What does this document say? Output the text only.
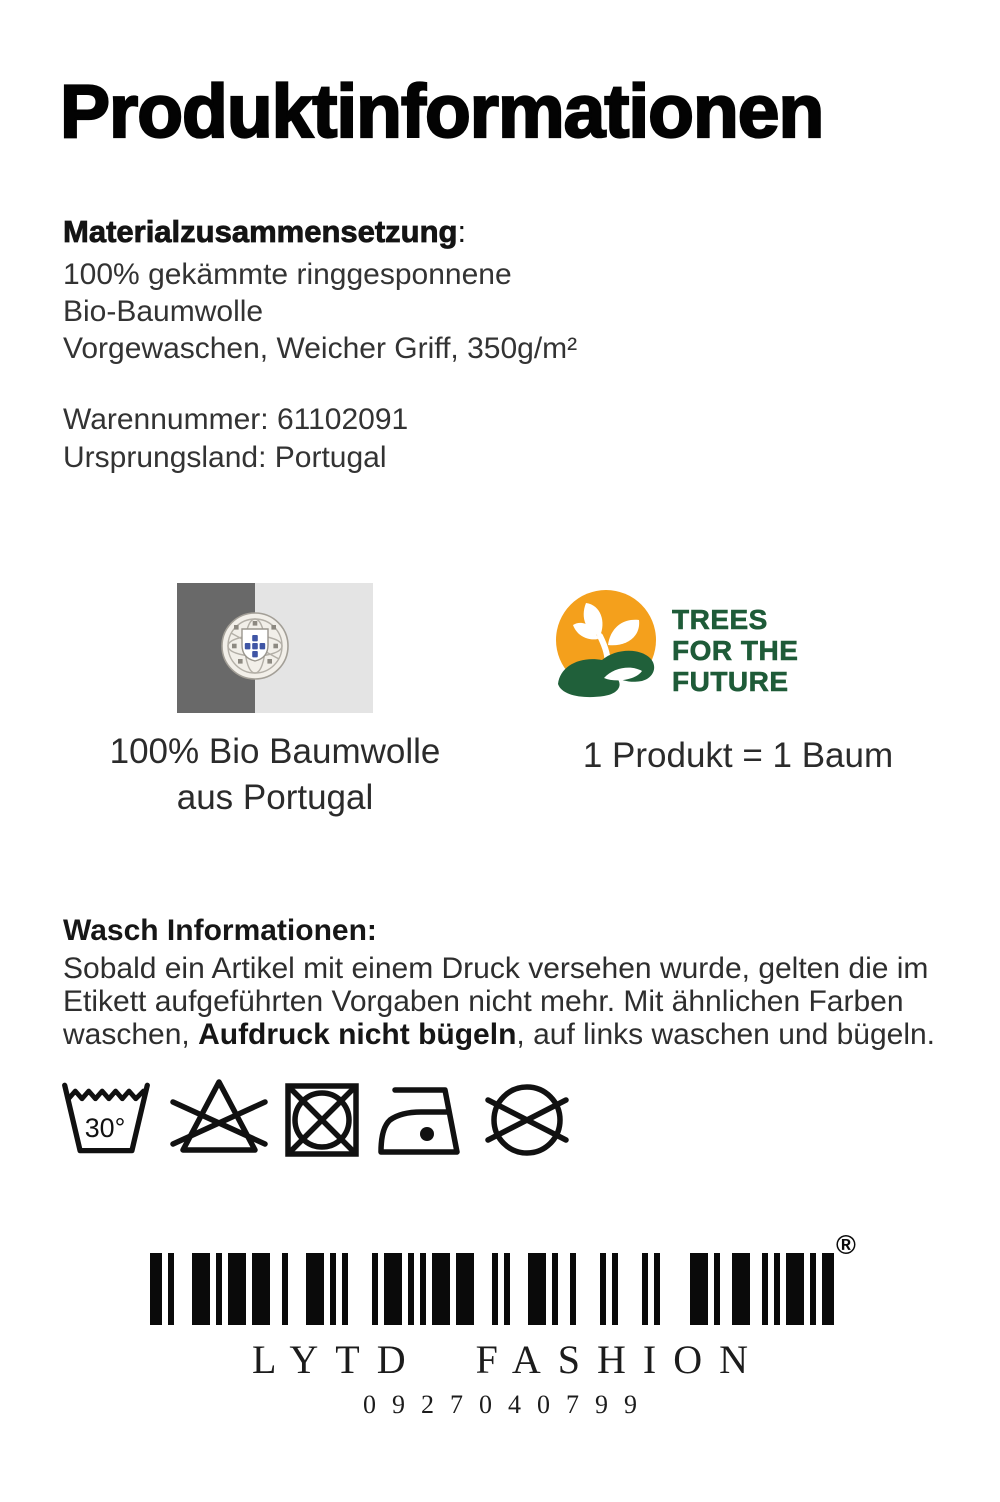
Produktinformationen
Materialzusammensetzung:
100% gekämmte ringgesponnene
Bio-Baumwolle
Vorgewaschen, Weicher Griff, 350g/m²
Warennummer: 61102091
Ursprungsland: Portugal
100% Bio Baumwolle
aus Portugal
TREES
FOR THE
FUTURE
1 Produkt = 1 Baum
Wasch Informationen:
Sobald ein Artikel mit einem Druck versehen wurde, gelten die im
Etikett aufgeführten Vorgaben nicht mehr. Mit ähnlichen Farben
waschen, Aufdruck nicht bügeln, auf links waschen und bügeln.
30°
®
LYTD FASHION
0927040799
